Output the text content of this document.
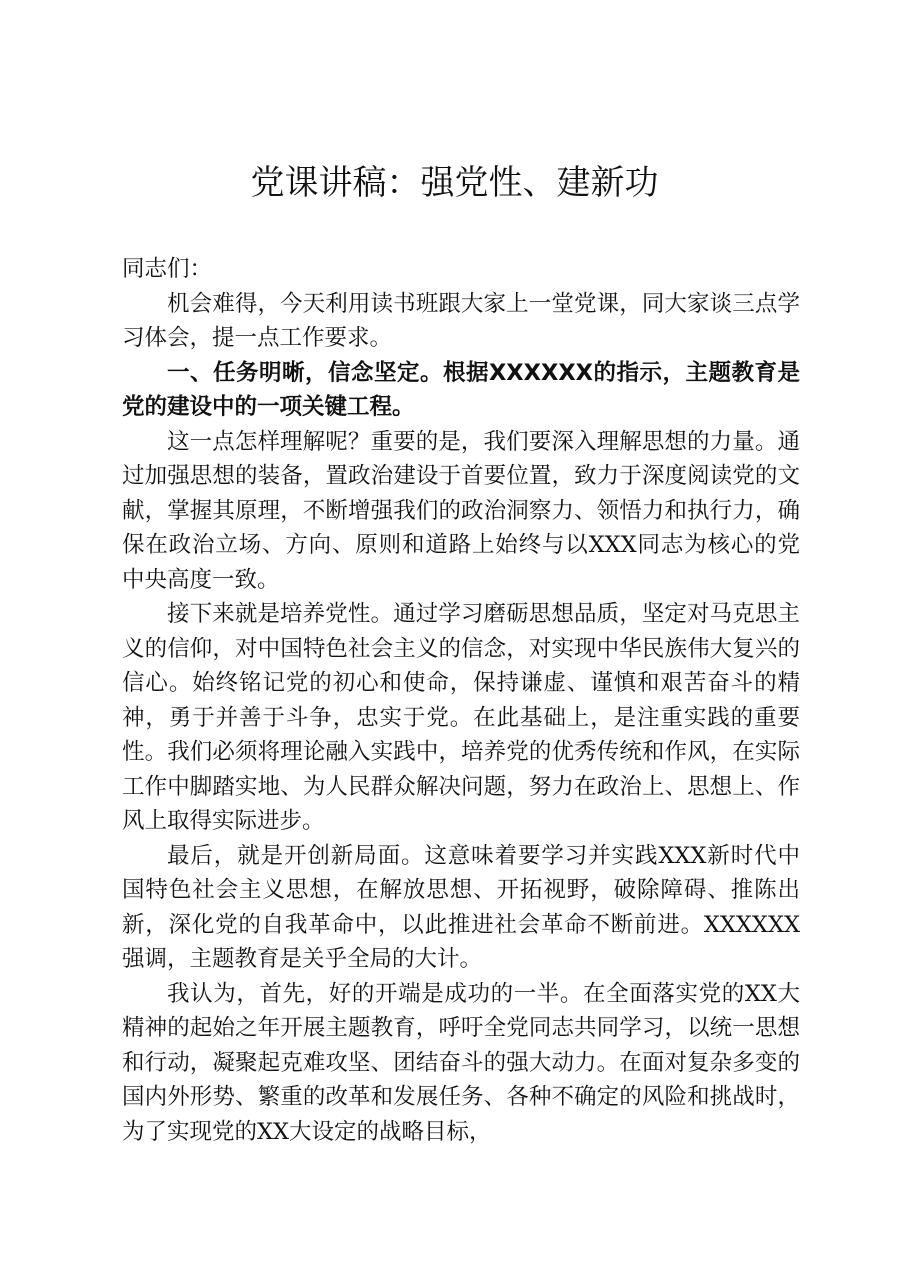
党课讲稿：强党性、建新功

同志们：

机会难得，今天利用读书班跟大家上一堂党课，同大家谈三点学习体会，提一点工作要求。

一、任务明晰，信念坚定。根据XXXXXX的指示，主题教育是党的建设中的一项关键工程。

这一点怎样理解呢？重要的是，我们要深入理解思想的力量。通过加强思想的装备，置政治建设于首要位置，致力于深度阅读党的文献，掌握其原理，不断增强我们的政治洞察力、领悟力和执行力，确保在政治立场、方向、原则和道路上始终与以XXX同志为核心的党中央高度一致。

接下来就是培养党性。通过学习磨砺思想品质，坚定对马克思主义的信仰，对中国特色社会主义的信念，对实现中华民族伟大复兴的信心。始终铭记党的初心和使命，保持谦虚、谨慎和艰苦奋斗的精神，勇于并善于斗争，忠实于党。在此基础上，是注重实践的重要性。我们必须将理论融入实践中，培养党的优秀传统和作风，在实际工作中脚踏实地、为人民群众解决问题，努力在政治上、思想上、作风上取得实际进步。

最后，就是开创新局面。这意味着要学习并实践XXX新时代中国特色社会主义思想，在解放思想、开拓视野，破除障碍、推陈出新，深化党的自我革命中，以此推进社会革命不断前进。XXXXXX强调，主题教育是关乎全局的大计。

我认为，首先，好的开端是成功的一半。在全面落实党的XX大精神的起始之年开展主题教育，呼吁全党同志共同学习，以统一思想和行动，凝聚起克难攻坚、团结奋斗的强大动力。在面对复杂多变的国内外形势、繁重的改革和发展任务、各种不确定的风险和挑战时，为了实现党的XX大设定的战略目标，
